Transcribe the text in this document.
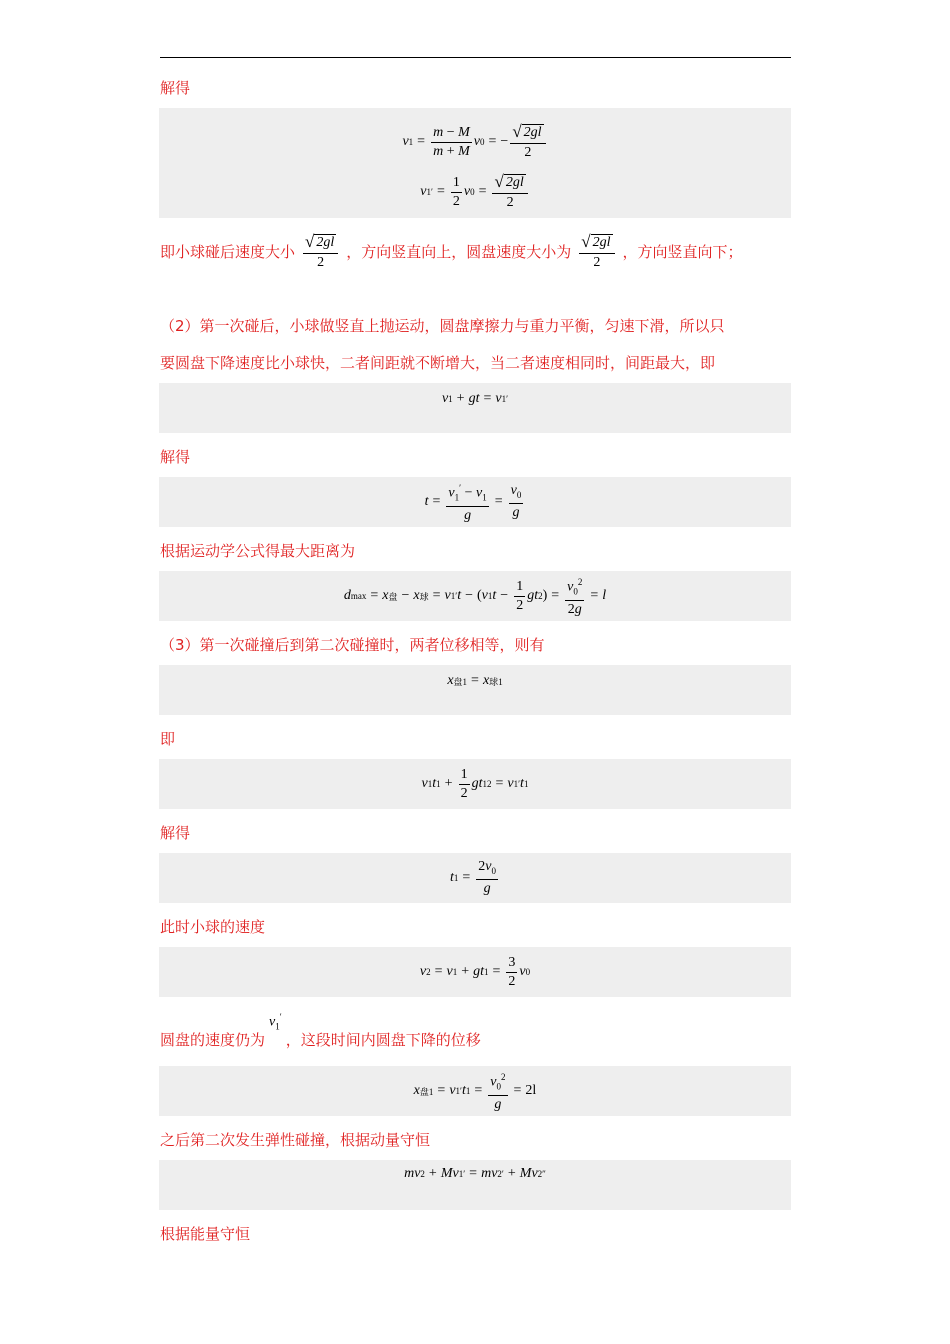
解得
v $1 = \frac{m - M}{m + M}$ v 0 = − $\frac{√ 2gl}{2}$
v 1 ′ = $\frac{1}{2}$ v $0 = \frac{√ 2gl}{2}$
即小球碰后速度大小 $\frac{√ 2gl}{2}$ ，方向竖直向上，圆盘速度大小为 $\frac{√ 2gl}{2}$ ，方向竖直向下；
（2）第一次碰后，小球做竖直上抛运动，圆盘摩擦力与重力平衡，匀速下滑，所以只
要圆盘下降速度比小球快，二者间距就不断增大，当二者速度相同时，间距最大，即
v 1 + gt = v 1 ′
解得
$t = \frac{v_1' - v_1}{g} = \frac{v_0}{g}$
根据运动学公式得最大距离为
d max = x 盘 − x 球 = v 1 ′ t − ( v 1 $t - \frac{1}{2}$ gt 2 ) = $\frac{v_0^2}{2g} = l$
（3）第一次碰撞后到第二次碰撞时，两者位移相等，则有
x 盘1 = x 球1
即
v 1 t $1 + \frac{1}{2}$ gt 1 2 = v 1 ′ t 1
解得
t $1 = \frac{2v_0}{g}$
此时小球的速度
v 2 = v 1 + gt $1 = \frac{3}{2}$ v 0
圆盘的速度仍为
$v_1'$
，这段时间内圆盘下降的位移
x 盘1 = v 1 ′ t $1 = \frac{v_0^2}{g} = 2l$
之后第二次发生弹性碰撞，根据动量守恒
mv 2 + Mv 1 ′ = mv 2 ′ + Mv 2 ″
根据能量守恒
